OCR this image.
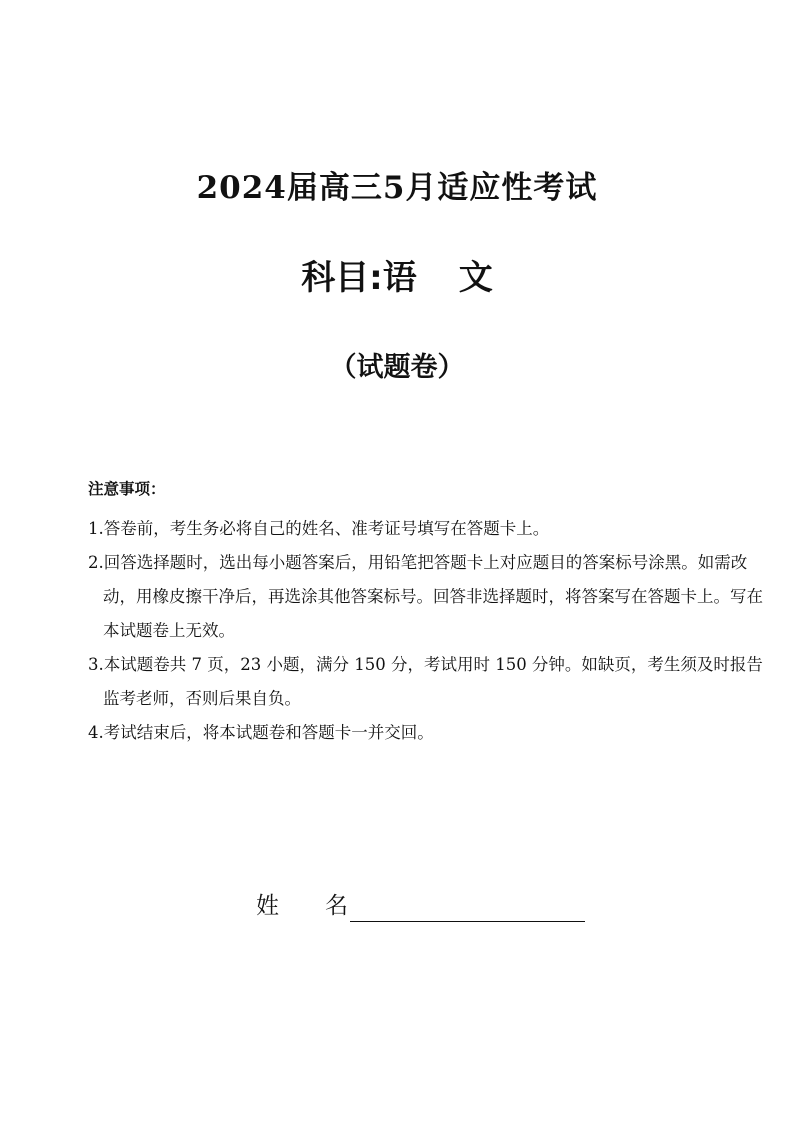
2024届高三5月适应性考试
科目:语 文
（试题卷）
注意事项：
1.答卷前，考生务必将自己的姓名、准考证号填写在答题卡上。
2.回答选择题时，选出每小题答案后，用铅笔把答题卡上对应题目的答案标号涂黑。如需改动，用橡皮擦干净后，再选涂其他答案标号。回答非选择题时，将答案写在答题卡上。写在本试题卷上无效。
3.本试题卷共 7 页，23 小题，满分 150 分，考试用时 150 分钟。如缺页，考生须及时报告监考老师，否则后果自负。
4.考试结束后，将本试题卷和答题卡一并交回。
姓 名
